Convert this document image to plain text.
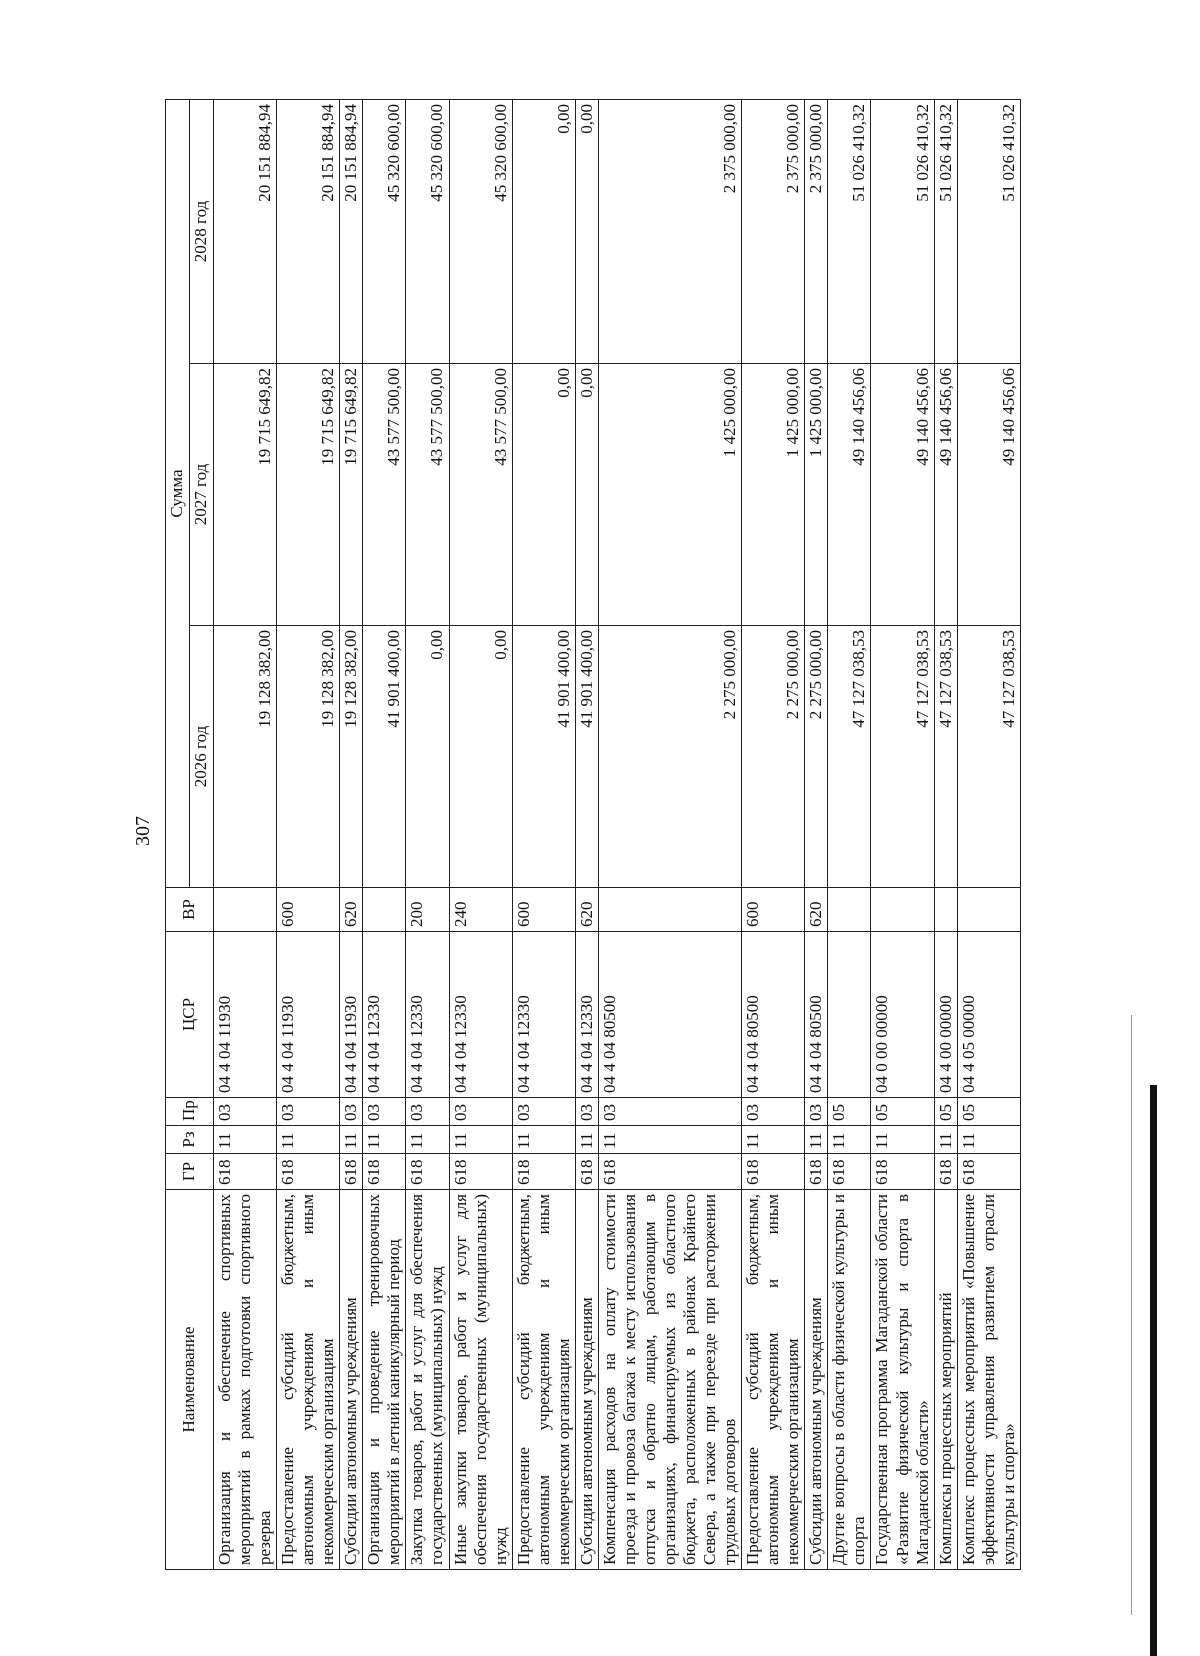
307
Наименование	ГР	Рз	Пр	ЦСР	ВР	Сумма		
						2026 год	2027 год	2028 год
Организация и обеспечение спортивных мероприятий в рамках подготовки спортивного резерва	618	11	03	04 4 04 11930		19 128 382,00	19 715 649,82	20 151 884,94
Предоставление субсидий бюджетным, автономным учреждениям и иным некоммерческим организациям	618	11	03	04 4 04 11930	600	19 128 382,00	19 715 649,82	20 151 884,94
Субсидии автономным учреждениям	618	11	03	04 4 04 11930	620	19 128 382,00	19 715 649,82	20 151 884,94
Организация и проведение тренировочных мероприятий в летний каникулярный период	618	11	03	04 4 04 12330		41 901 400,00	43 577 500,00	45 320 600,00
Закупка товаров, работ и услуг для обеспечения государственных (муниципальных) нужд	618	11	03	04 4 04 12330	200	0,00	43 577 500,00	45 320 600,00
Иные закупки товаров, работ и услуг для обеспечения государственных (муниципальных) нужд	618	11	03	04 4 04 12330	240	0,00	43 577 500,00	45 320 600,00
Предоставление субсидий бюджетным, автономным учреждениям и иным некоммерческим организациям	618	11	03	04 4 04 12330	600	41 901 400,00	0,00	0,00
Субсидии автономным учреждениям	618	11	03	04 4 04 12330	620	41 901 400,00	0,00	0,00
Компенсация расходов на оплату стоимости проезда и провоза багажа к месту использования отпуска и обратно лицам, работающим в организациях, финансируемых из областного бюджета, расположенных в районах Крайнего Севера, а также при переезде при расторжении трудовых договоров	618	11	03	04 4 04 80500		2 275 000,00	1 425 000,00	2 375 000,00
Предоставление субсидий бюджетным, автономным учреждениям и иным некоммерческим организациям	618	11	03	04 4 04 80500	600	2 275 000,00	1 425 000,00	2 375 000,00
Субсидии автономным учреждениям	618	11	03	04 4 04 80500	620	2 275 000,00	1 425 000,00	2 375 000,00
Другие вопросы в области физической культуры и спорта	618	11	05			47 127 038,53	49 140 456,06	51 026 410,32
Государственная программа Магаданской области «Развитие физической культуры и спорта в Магаданской области»	618	11	05	04 0 00 00000		47 127 038,53	49 140 456,06	51 026 410,32
Комплексы процессных мероприятий	618	11	05	04 4 00 00000		47 127 038,53	49 140 456,06	51 026 410,32
Комплекс процессных мероприятий «Повышение эффективности управления развитием отрасли культуры и спорта»	618	11	05	04 4 05 00000		47 127 038,53	49 140 456,06	51 026 410,32
